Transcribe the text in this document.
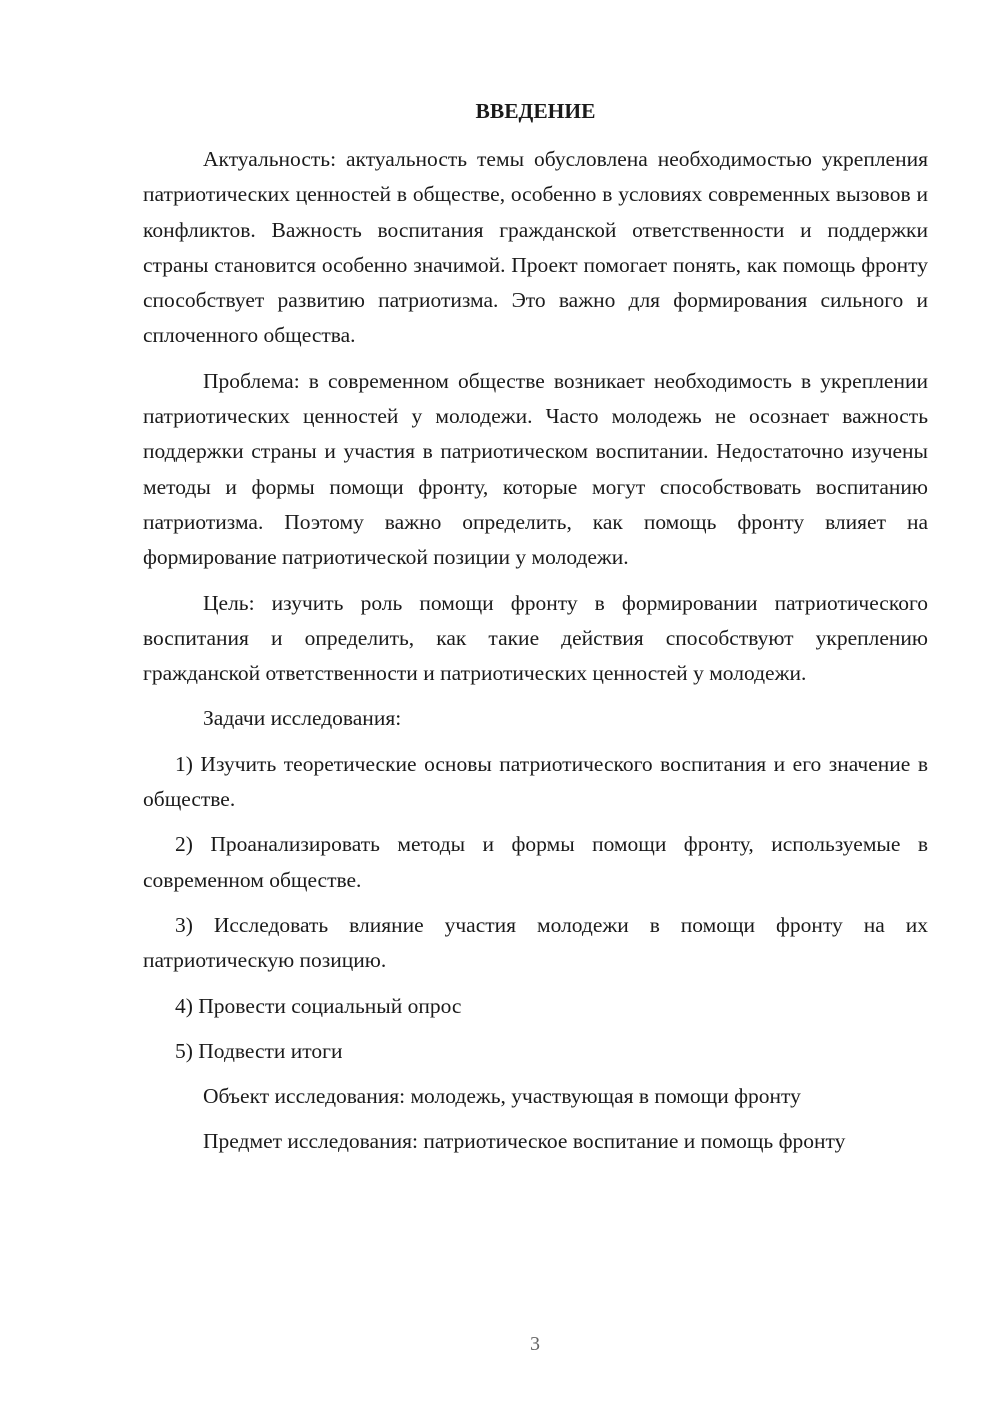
ВВЕДЕНИЕ

Актуальность: актуальность темы обусловлена необходимостью укрепления патриотических ценностей в обществе, особенно в условиях современных вызовов и конфликтов. Важность воспитания гражданской ответственности и поддержки страны становится особенно значимой. Проект помогает понять, как помощь фронту способствует развитию патриотизма. Это важно для формирования сильного и сплоченного общества.

Проблема: в современном обществе возникает необходимость в укреплении патриотических ценностей у молодежи. Часто молодежь не осознает важность поддержки страны и участия в патриотическом воспитании. Недостаточно изучены методы и формы помощи фронту, которые могут способствовать воспитанию патриотизма. Поэтому важно определить, как помощь фронту влияет на формирование патриотической позиции у молодежи.

Цель: изучить роль помощи фронту в формировании патриотического воспитания и определить, как такие действия способствуют укреплению гражданской ответственности и патриотических ценностей у молодежи.

Задачи исследования:

1) Изучить теоретические основы патриотического воспитания и его значение в обществе.

2) Проанализировать методы и формы помощи фронту, используемые в современном обществе.

3) Исследовать влияние участия молодежи в помощи фронту на их патриотическую позицию.

4) Провести социальный опрос

5) Подвести итоги

Объект исследования: молодежь, участвующая в помощи фронту

Предмет исследования: патриотическое воспитание и помощь фронту

3
